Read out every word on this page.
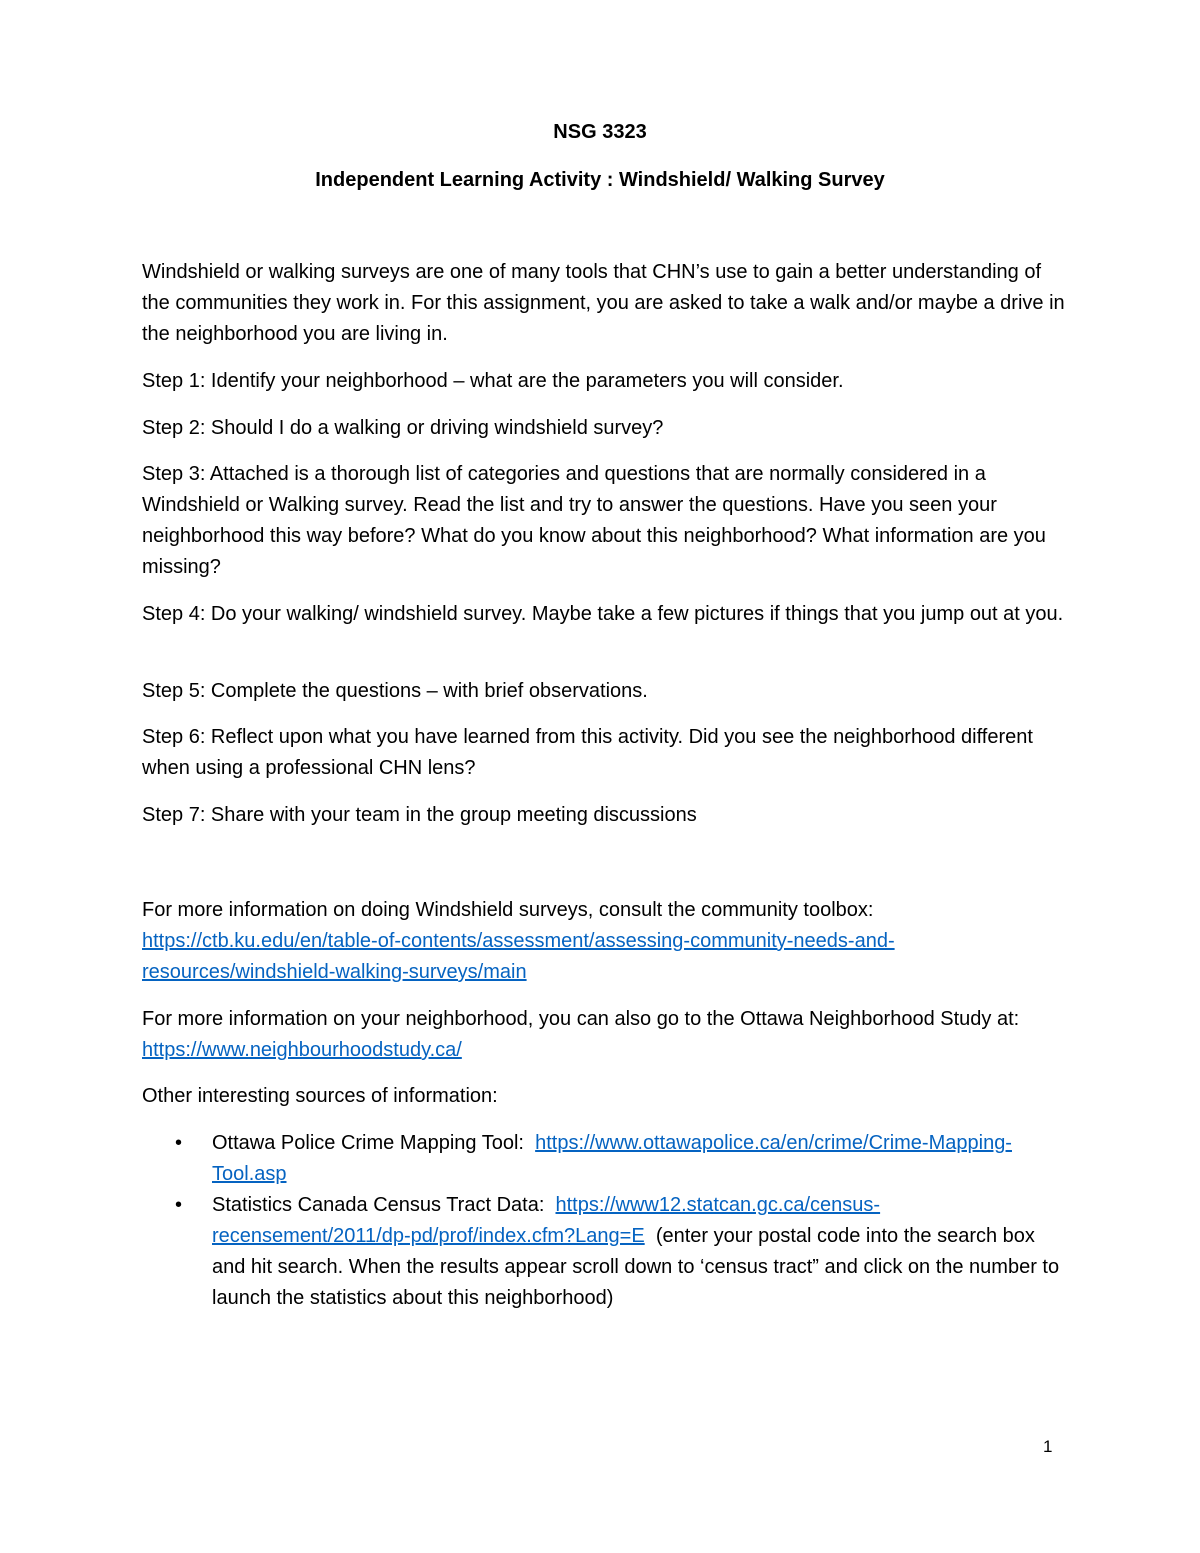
NSG 3323
Independent Learning Activity : Windshield/ Walking Survey

Windshield or walking surveys are one of many tools that CHN’s use to gain a better understanding of the communities they work in. For this assignment, you are asked to take a walk and/or maybe a drive in the neighborhood you are living in.

Step 1: Identify your neighborhood – what are the parameters you will consider.

Step 2: Should I do a walking or driving windshield survey?

Step 3: Attached is a thorough list of categories and questions that are normally considered in a Windshield or Walking survey. Read the list and try to answer the questions. Have you seen your neighborhood this way before? What do you know about this neighborhood? What information are you missing?

Step 4: Do your walking/ windshield survey. Maybe take a few pictures if things that you jump out at you.

Step 5: Complete the questions – with brief observations.

Step 6: Reflect upon what you have learned from this activity. Did you see the neighborhood different when using a professional CHN lens?

Step 7: Share with your team in the group meeting discussions

For more information on doing Windshield surveys, consult the community toolbox: https://ctb.ku.edu/en/table-of-contents/assessment/assessing-community-needs-and-resources/windshield-walking-surveys/main

For more information on your neighborhood, you can also go to the Ottawa Neighborhood Study at: https://www.neighbourhoodstudy.ca/

Other interesting sources of information:

• Ottawa Police Crime Mapping Tool: https://www.ottawapolice.ca/en/crime/Crime-Mapping-Tool.asp
• Statistics Canada Census Tract Data: https://www12.statcan.gc.ca/census-recensement/2011/dp-pd/prof/index.cfm?Lang=E (enter your postal code into the search box and hit search. When the results appear scroll down to ‘census tract” and click on the number to launch the statistics about this neighborhood)
1
